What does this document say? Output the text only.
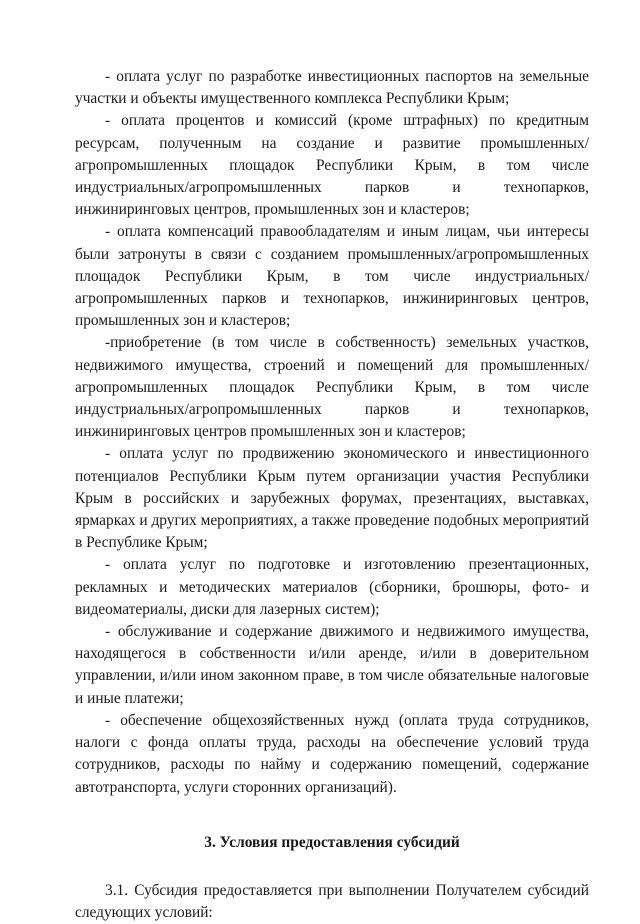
- оплата услуг по разработке инвестиционных паспортов на земельные участки и объекты имущественного комплекса Республики Крым;

- оплата процентов и комиссий (кроме штрафных) по кредитным ресурсам, полученным на создание и развитие промышленных/агропромышленных площадок Республики Крым, в том числе индустриальных/агропромышленных парков и технопарков, инжиниринговых центров, промышленных зон и кластеров;

- оплата компенсаций правообладателям и иным лицам, чьи интересы были затронуты в связи с созданием промышленных/агропромышленных площадок Республики Крым, в том числе индустриальных/агропромышленных парков и технопарков, инжиниринговых центров, промышленных зон и кластеров;

-приобретение (в том числе в собственность) земельных участков, недвижимого имущества, строений и помещений для промышленных/агропромышленных площадок Республики Крым, в том числе индустриальных/агропромышленных парков и технопарков, инжиниринговых центров промышленных зон и кластеров;

- оплата услуг по продвижению экономического и инвестиционного потенциалов Республики Крым путем организации участия Республики Крым в российских и зарубежных форумах, презентациях, выставках, ярмарках и других мероприятиях, а также проведение подобных мероприятий в Республике Крым;

- оплата услуг по подготовке и изготовлению презентационных, рекламных и методических материалов (сборники, брошюры, фото- и видеоматериалы, диски для лазерных систем);

- обслуживание и содержание движимого и недвижимого имущества, находящегося в собственности и/или аренде, и/или в доверительном управлении, и/или ином законном праве, в том числе обязательные налоговые и иные платежи;

- обеспечение общехозяйственных нужд (оплата труда сотрудников, налоги с фонда оплаты труда, расходы на обеспечение условий труда сотрудников, расходы по найму и содержанию помещений, содержание автотранспорта, услуги сторонних организаций).

3. Условия предоставления субсидий

3.1. Субсидия предоставляется при выполнении Получателем субсидий следующих условий:
